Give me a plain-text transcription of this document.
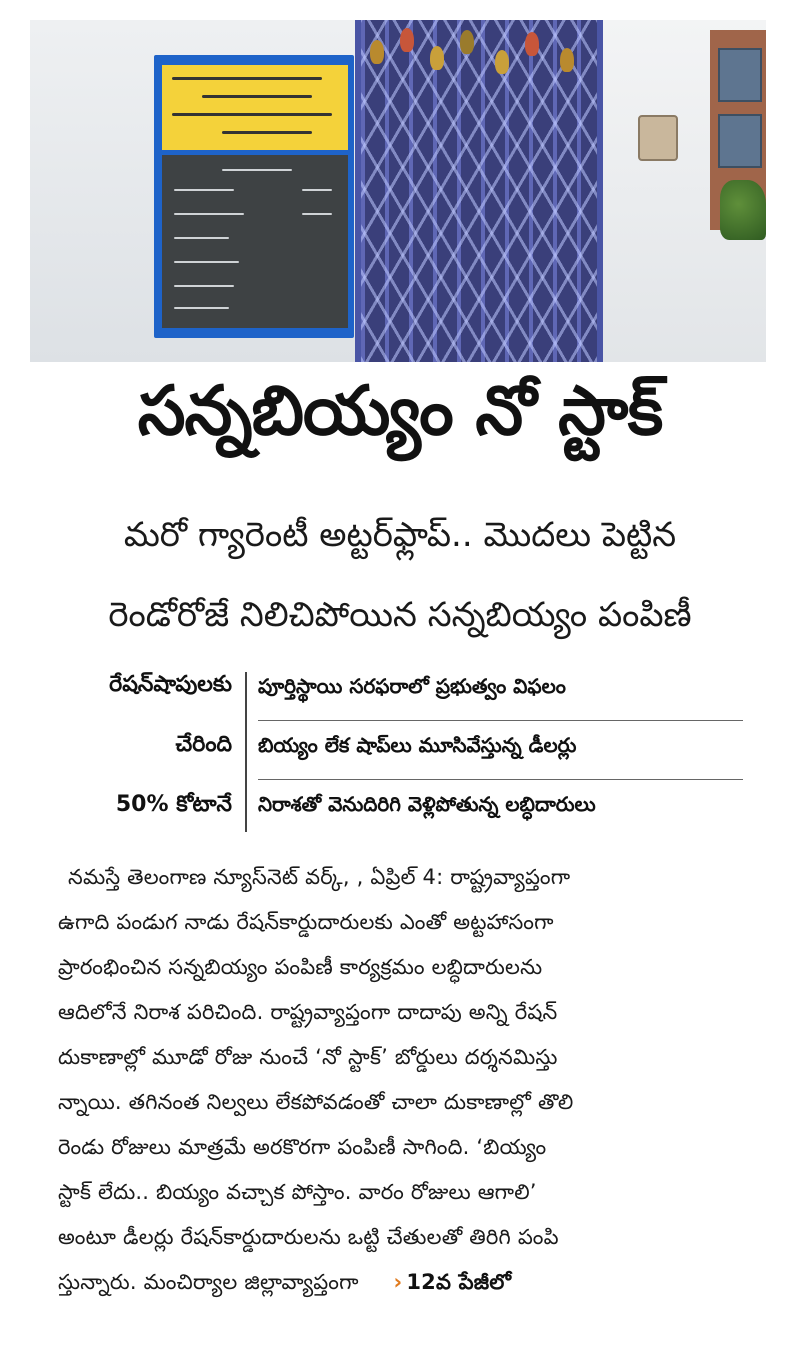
సన్నబియ్యం నో స్టాక్

మరో గ్యారెంటీ అట్టర్‌ఫ్లాప్.. మొదలు పెట్టిన

రెండోరోజే నిలిచిపోయిన సన్నబియ్యం పంపిణీ

రేషన్‌షాపులకు
చేరింది
50% కోటానే
పూర్తిస్థాయి సరఫరాలో ప్రభుత్వం విఫలం
బియ్యం లేక షాప్‌లు మూసివేస్తున్న డీలర్లు
నిరాశతో వెనుదిరిగి వెళ్లిపోతున్న లబ్ధిదారులు

నమస్తే తెలంగాణ న్యూస్‌నెట్ వర్క్, , ఏప్రిల్ 4: రాష్ట్రవ్యాప్తంగా

ఉగాది పండుగ నాడు రేషన్‌కార్డుదారులకు ఎంతో అట్టహాసంగా

ప్రారంభించిన సన్నబియ్యం పంపిణీ కార్యక్రమం లబ్ధిదారులను

ఆదిలోనే నిరాశ పరిచింది. రాష్ట్రవ్యాప్తంగా దాదాపు అన్ని రేషన్

దుకాణాల్లో మూడో రోజు నుంచే ‘నో స్టాక్’ బోర్డులు దర్శనమిస్తు

న్నాయి. తగినంత నిల్వలు లేకపోవడంతో చాలా దుకాణాల్లో తొలి

రెండు రోజులు మాత్రమే అరకొరగా పంపిణీ సాగింది. ‘బియ్యం

స్టాక్ లేదు.. బియ్యం వచ్చాక పోస్తాం. వారం రోజులు ఆగాలి’

అంటూ డీలర్లు రేషన్‌కార్డుదారులను ఒట్టి చేతులతో తిరిగి పంపి

స్తున్నారు. మంచిర్యాల జిల్లావ్యాప్తంగా › 12వ పేజీలో
